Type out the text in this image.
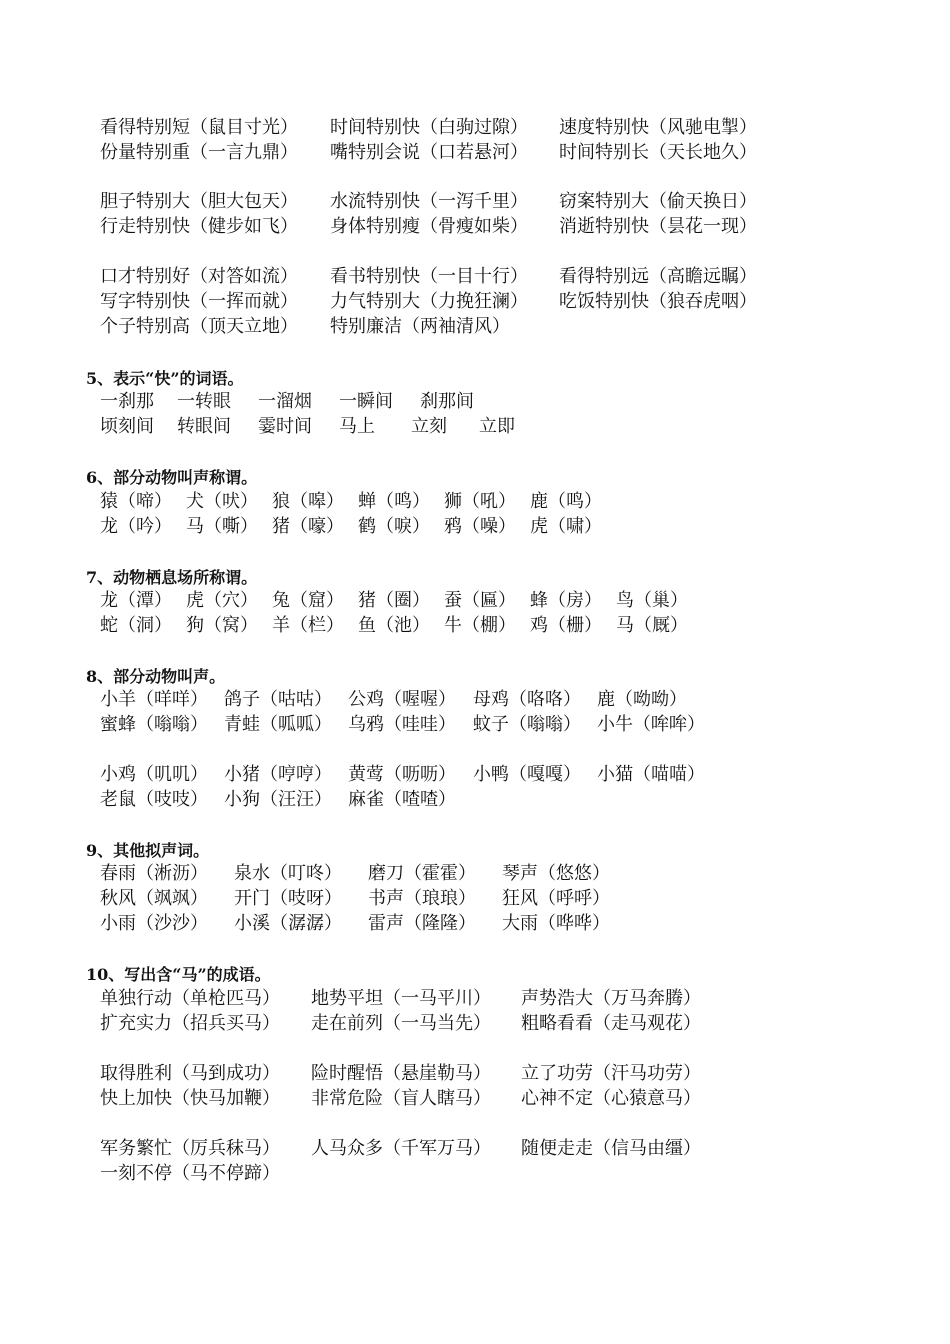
看得特别短（鼠目寸光） 时间特别快（白驹过隙） 速度特别快（风驰电掣）
份量特别重（一言九鼎） 嘴特别会说（口若悬河） 时间特别长（天长地久）
胆子特别大（胆大包天） 水流特别快（一泻千里） 窃案特别大（偷天换日）
行走特别快（健步如飞） 身体特别瘦（骨瘦如柴） 消逝特别快（昙花一现）
口才特别好（对答如流） 看书特别快（一目十行） 看得特别远（高瞻远瞩）
写字特别快（一挥而就） 力气特别大（力挽狂澜） 吃饭特别快（狼吞虎咽）
个子特别高（顶天立地） 特别廉洁（两袖清风）
5、表示“快”的词语。
一刹那 一转眼 一溜烟 一瞬间 刹那间
顷刻间 转眼间 霎时间 马上 立刻 立即
6、部分动物叫声称谓。
猿（啼） 犬（吠） 狼（嗥） 蝉（鸣） 狮（吼） 鹿（鸣）
龙（吟） 马（嘶） 猪（嚎） 鹤（唳） 鸦（噪） 虎（啸）
7、动物栖息场所称谓。
龙（潭） 虎（穴） 兔（窟） 猪（圈） 蚕（匾） 蜂（房） 鸟（巢）
蛇（洞） 狗（窝） 羊（栏） 鱼（池） 牛（棚） 鸡（栅） 马（厩）
8、部分动物叫声。
小羊（咩咩） 鸽子（咕咕） 公鸡（喔喔） 母鸡（咯咯） 鹿（呦呦）
蜜蜂（嗡嗡） 青蛙（呱呱） 乌鸦（哇哇） 蚊子（嗡嗡） 小牛（哞哞）
小鸡（叽叽） 小猪（哼哼） 黄莺（呖呖） 小鸭（嘎嘎） 小猫（喵喵）
老鼠（吱吱） 小狗（汪汪） 麻雀（喳喳）
9、其他拟声词。
春雨（淅沥） 泉水（叮咚） 磨刀（霍霍） 琴声（悠悠）
秋风（飒飒） 开门（吱呀） 书声（琅琅） 狂风（呼呼）
小雨（沙沙） 小溪（潺潺） 雷声（隆隆） 大雨（哗哗）
10、写出含“马”的成语。
单独行动（单枪匹马） 地势平坦（一马平川） 声势浩大（万马奔腾）
扩充实力（招兵买马） 走在前列（一马当先） 粗略看看（走马观花）
取得胜利（马到成功） 险时醒悟（悬崖勒马） 立了功劳（汗马功劳）
快上加快（快马加鞭） 非常危险（盲人瞎马） 心神不定（心猿意马）
军务繁忙（厉兵秣马） 人马众多（千军万马） 随便走走（信马由缰）
一刻不停（马不停蹄）
